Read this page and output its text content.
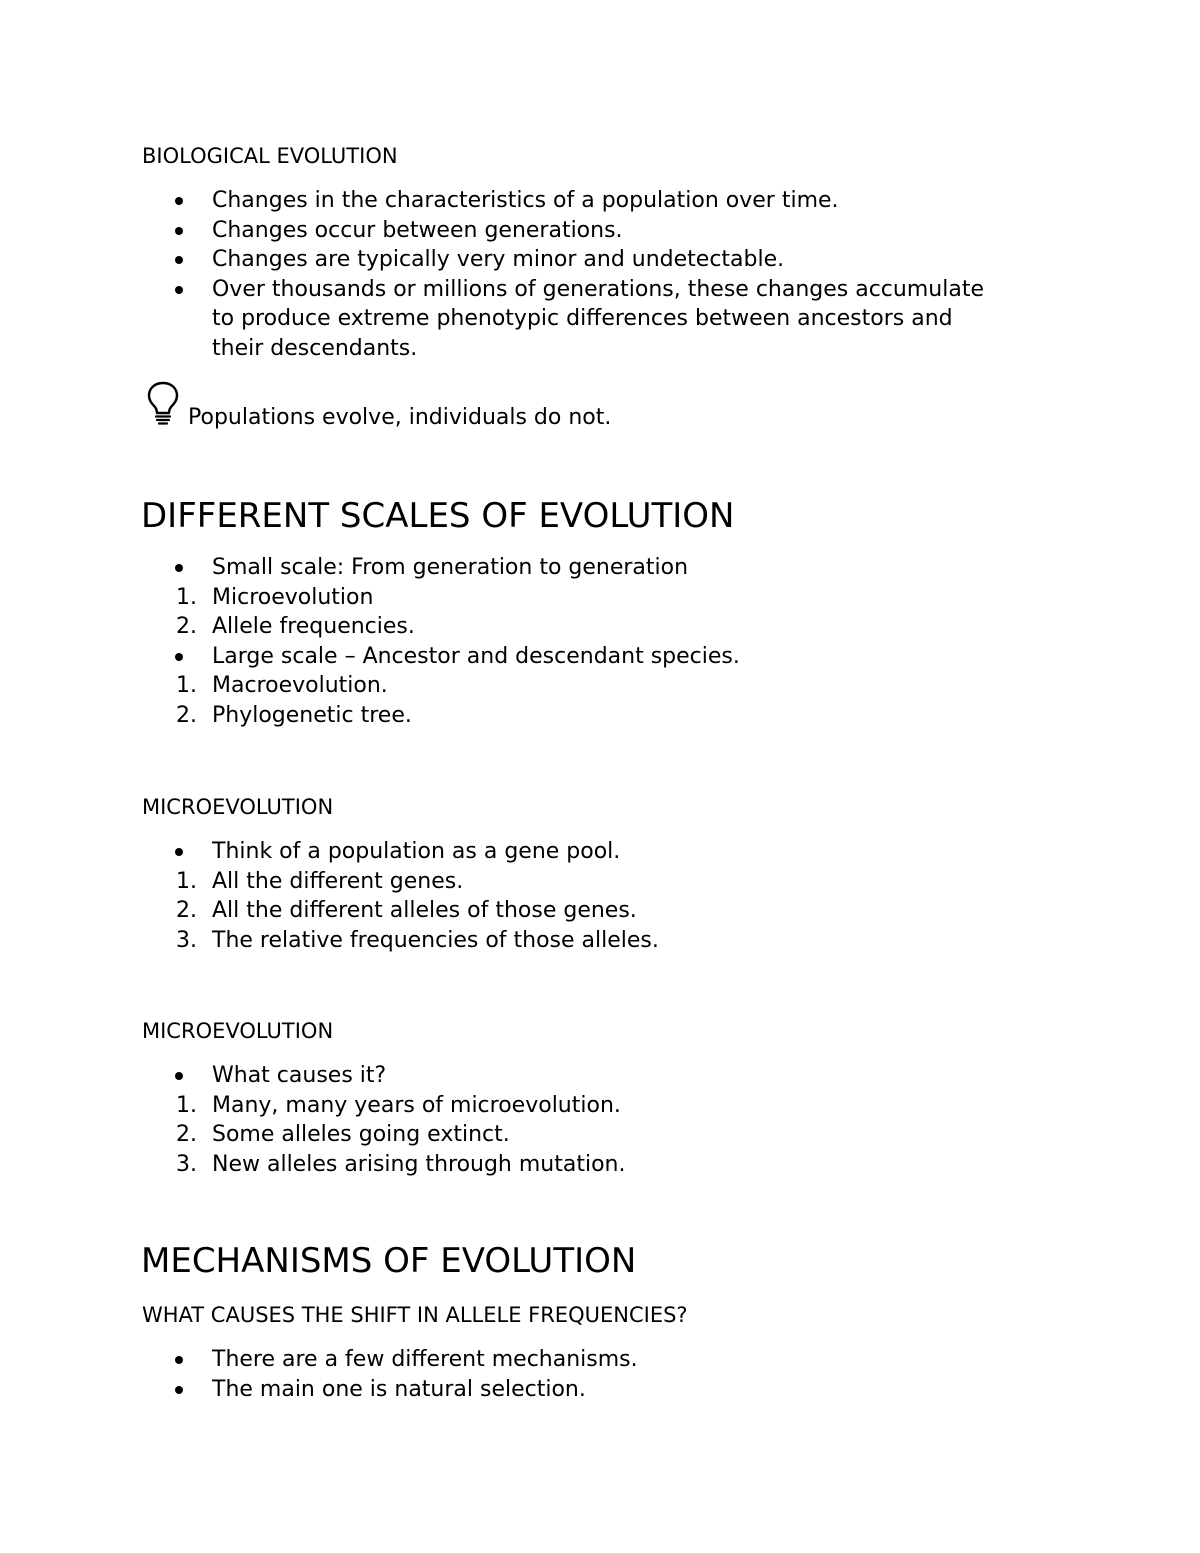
BIOLOGICAL EVOLUTION
Changes in the characteristics of a population over time.
Changes occur between generations.
Changes are typically very minor and undetectable.
Over thousands or millions of generations, these changes accumulate
to produce extreme phenotypic differences between ancestors and
their descendants.
Populations evolve, individuals do not.
DIFFERENT SCALES OF EVOLUTION
Small scale: From generation to generation
1. Microevolution
2. Allele frequencies.
Large scale – Ancestor and descendant species.
1. Macroevolution.
2. Phylogenetic tree.
MICROEVOLUTION
Think of a population as a gene pool.
1. All the different genes.
2. All the different alleles of those genes.
3. The relative frequencies of those alleles.
MICROEVOLUTION
What causes it?
1. Many, many years of microevolution.
2. Some alleles going extinct.
3. New alleles arising through mutation.
MECHANISMS OF EVOLUTION
WHAT CAUSES THE SHIFT IN ALLELE FREQUENCIES?
There are a few different mechanisms.
The main one is natural selection.
